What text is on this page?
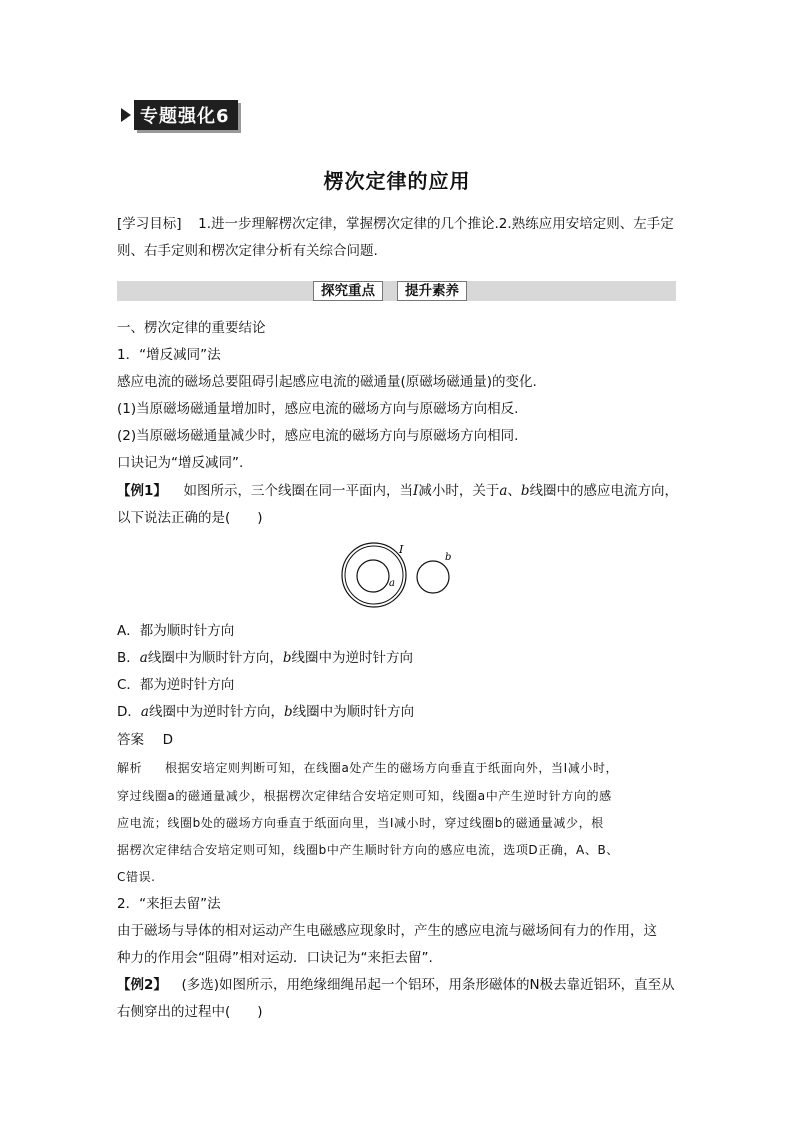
专题强化6
楞次定律的应用
[学习目标] 1.进一步理解楞次定律，掌握楞次定律的几个推论.2.熟练应用安培定则、左手定
则、右手定则和楞次定律分析有关综合问题.
探究重点	提升素养
一、楞次定律的重要结论
1．“增反减同”法
感应电流的磁场总要阻碍引起感应电流的磁通量(原磁场磁通量)的变化.
(1)当原磁场磁通量增加时，感应电流的磁场方向与原磁场方向相反.
(2)当原磁场磁通量减少时，感应电流的磁场方向与原磁场方向相同.
口诀记为“增反减同”.
【例1】 如图所示，三个线圈在同一平面内，当I减小时，关于a、b线圈中的感应电流方向，
以下说法正确的是(　　)
I
a
b
A．都为顺时针方向
B．a线圈中为顺时针方向，b线圈中为逆时针方向
C．都为逆时针方向
D．a线圈中为逆时针方向，b线圈中为顺时针方向
答案 D
解析 根据安培定则判断可知，在线圈a处产生的磁场方向垂直于纸面向外，当I减小时，
穿过线圈a的磁通量减少，根据楞次定律结合安培定则可知，线圈a中产生逆时针方向的感
应电流；线圈b处的磁场方向垂直于纸面向里，当I减小时，穿过线圈b的磁通量减少，根
据楞次定律结合安培定则可知，线圈b中产生顺时针方向的感应电流，选项D正确，A、B、
C错误.
2．“来拒去留”法
由于磁场与导体的相对运动产生电磁感应现象时，产生的感应电流与磁场间有力的作用，这
种力的作用会“阻碍”相对运动．口诀记为“来拒去留”.
【例2】 (多选)如图所示，用绝缘细绳吊起一个铝环，用条形磁体的N极去靠近铝环，直至从
右侧穿出的过程中(　　)
